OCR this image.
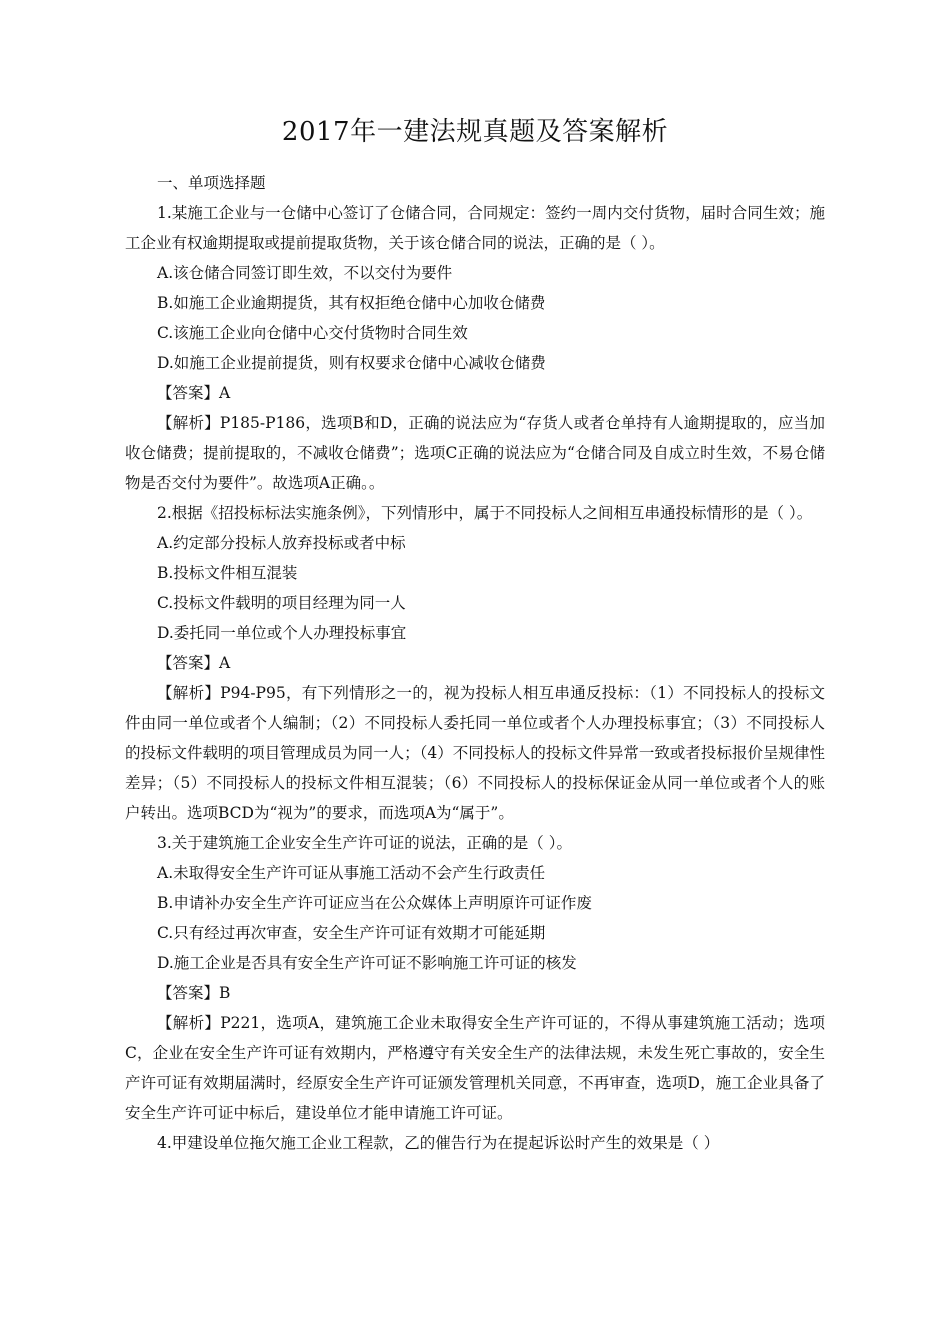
2017年一建法规真题及答案解析

一、单项选择题

1.某施工企业与一仓储中心签订了仓储合同，合同规定：签约一周内交付货物，届时合同生效；施工企业有权逾期提取或提前提取货物，关于该仓储合同的说法，正确的是（ ）。

A.该仓储合同签订即生效，不以交付为要件

B.如施工企业逾期提货，其有权拒绝仓储中心加收仓储费

C.该施工企业向仓储中心交付货物时合同生效

D.如施工企业提前提货，则有权要求仓储中心减收仓储费

【答案】A

【解析】P185-P186，选项B和D，正确的说法应为“存货人或者仓单持有人逾期提取的，应当加收仓储费；提前提取的，不减收仓储费”；选项C正确的说法应为“仓储合同及自成立时生效，不易仓储物是否交付为要件”。故选项A正确。。

2.根据《招投标标法实施条例》，下列情形中，属于不同投标人之间相互串通投标情形的是（ ）。

A.约定部分投标人放弃投标或者中标

B.投标文件相互混装

C.投标文件载明的项目经理为同一人

D.委托同一单位或个人办理投标事宜

【答案】A

【解析】P94-P95，有下列情形之一的，视为投标人相互串通反投标：（1）不同投标人的投标文件由同一单位或者个人编制；（2）不同投标人委托同一单位或者个人办理投标事宜；（3）不同投标人的投标文件载明的项目管理成员为同一人；（4）不同投标人的投标文件异常一致或者投标报价呈规律性差异；（5）不同投标人的投标文件相互混装；（6）不同投标人的投标保证金从同一单位或者个人的账户转出。选项BCD为“视为”的要求，而选项A为“属于”。

3.关于建筑施工企业安全生产许可证的说法，正确的是（ ）。

A.未取得安全生产许可证从事施工活动不会产生行政责任

B.申请补办安全生产许可证应当在公众媒体上声明原许可证作废

C.只有经过再次审查，安全生产许可证有效期才可能延期

D.施工企业是否具有安全生产许可证不影响施工许可证的核发

【答案】B

【解析】P221，选项A，建筑施工企业未取得安全生产许可证的，不得从事建筑施工活动；选项C，企业在安全生产许可证有效期内，严格遵守有关安全生产的法律法规，未发生死亡事故的，安全生产许可证有效期届满时，经原安全生产许可证颁发管理机关同意，不再审查，选项D，施工企业具备了安全生产许可证中标后，建设单位才能申请施工许可证。

4.甲建设单位拖欠施工企业工程款，乙的催告行为在提起诉讼时产生的效果是（ ）
